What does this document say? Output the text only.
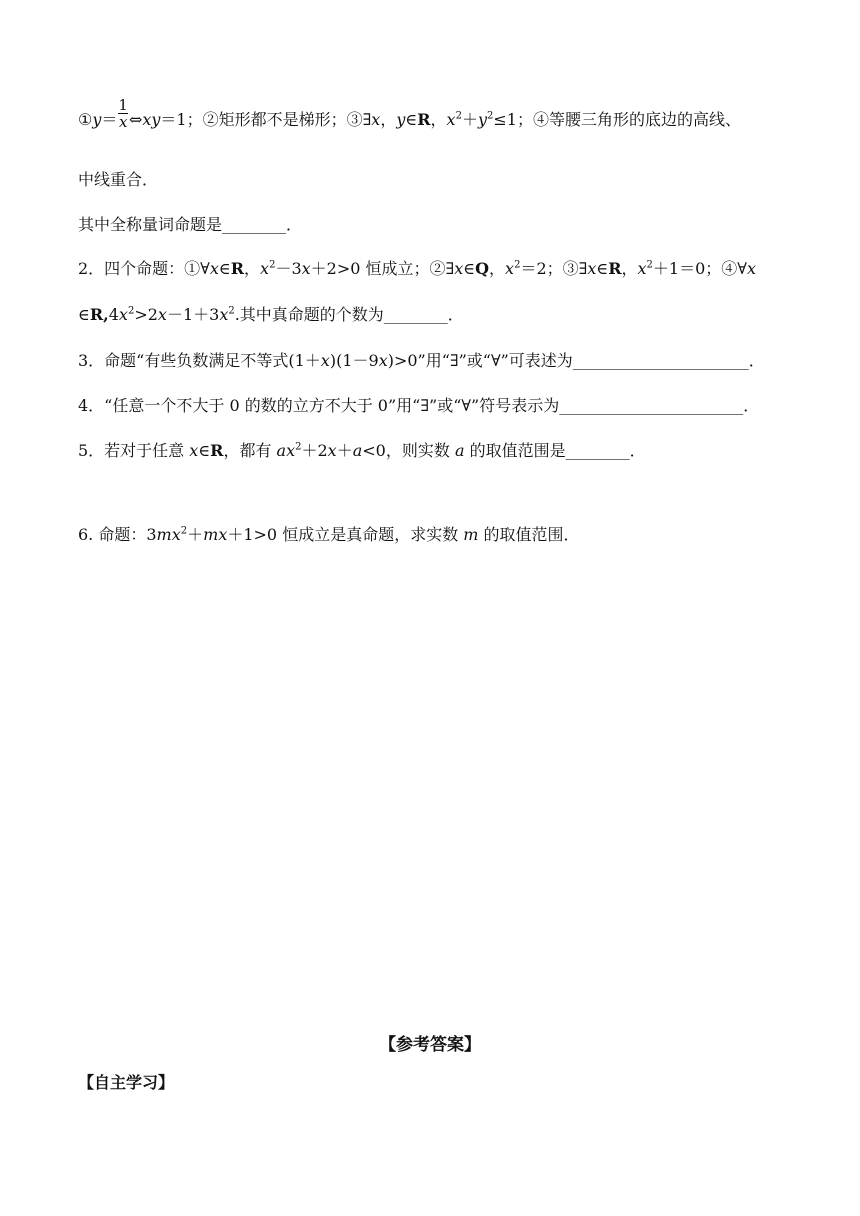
①y＝ $\frac{1}{x}$ ⇔xy＝1；②矩形都不是梯形；③∃x，y∈R，$x^2+y^2\le 1$；④等腰三角形的底边的高线、
中线重合．
其中全称量词命题是________．
2．四个命题：①∀x∈R，$x^2-3x+2>0$ 恒成立；②∃x∈Q，$x^2=2$；③∃x∈R，$x^2+1=0$；④∀x
$\in R,4x^2>2x-1+3x^2$.其中真命题的个数为________．
3．命题“有些负数满足不等式(1＋x)(1－9x)>0”用“∃”或“∀”可表述为______________________．
4．“任意一个不大于 0 的数的立方不大于 0”用“∃”或“∀”符号表示为_______________________．
5．若对于任意 x∈R，都有 $ax^2+2x+a<0$，则实数 a 的取值范围是________．
6. 命题：$3mx^2+mx+1>0$ 恒成立是真命题，求实数 m 的取值范围．
【参考答案】
【自主学习】
